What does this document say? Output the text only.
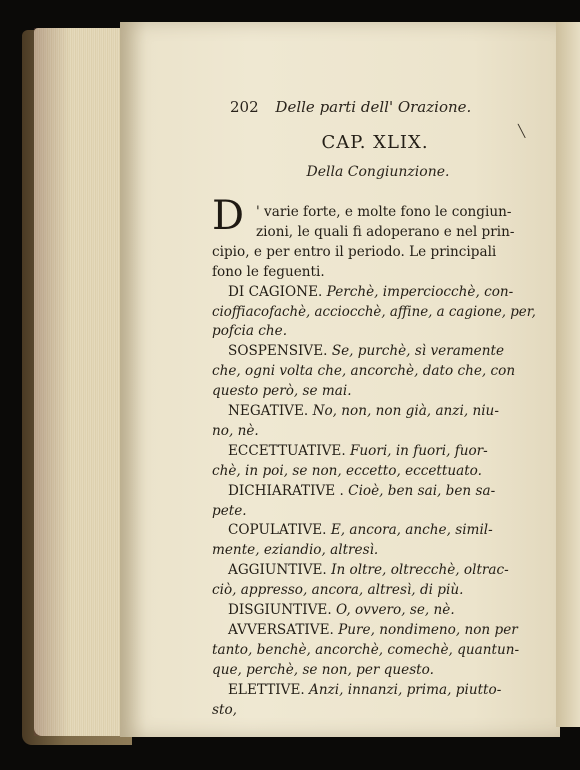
202 Delle parti dell' Orazione.
╲
CAP. XLIX.
Della Congiunzione.
D ' varie forte, e molte fono le congiun-
zioni, le quali fi adoperano e nel prin-
cipio, e per entro il periodo. Le principali
fono le feguenti.
DI CAGIONE. Perchè, imperciocchè, con-
cioffiacofachè, acciocchè, affine, a cagione, per,
pofcia che.
SOSPENSIVE. Se, purchè, sì veramente
che, ogni volta che, ancorchè, dato che, con
questo però, se mai.
NEGATIVE. No, non, non già, anzi, niu-
no, nè.
ECCETTUATIVE. Fuori, in fuori, fuor-
chè, in poi, se non, eccetto, eccettuato.
DICHIARATIVE . Cioè, ben sai, ben sa-
pete.
COPULATIVE. E, ancora, anche, simil-
mente, eziandio, altresì.
AGGIUNTIVE. In oltre, oltrecchè, oltrac-
ciò, appresso, ancora, altresì, di più.
DISGIUNTIVE. O, ovvero, se, nè.
AVVERSATIVE. Pure, nondimeno, non per
tanto, benchè, ancorchè, comechè, quantun-
que, perchè, se non, per questo.
ELETTIVE. Anzi, innanzi, prima, piutto-
sto,
